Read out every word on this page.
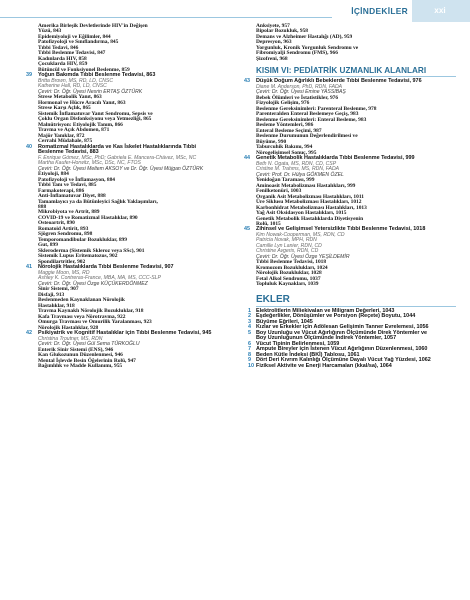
İÇİNDEKİLER	xxi
Amerika Birleşik Devletlerinde HIV'in Değişen
Yüzü, 843
Epidemiyoloji ve Eğilimler, 844
Patofizyoloji ve Sınıflandırma, 845
Tıbbi Tedavi, 846
Tıbbi Beslenme Tedavisi, 847
Kadınlarda HIV, 858
Çocuklarda HIV, 859
Bütüncül ve Fonksiyonel Beslenme, 859
39 Yoğun Bakımda Tıbbi Beslenme Tedavisi, 863
Britta Brown, MS, RD, LD, CNSC
Katherine Hall, RD, LD, CNSC
Çeviri: Dr. Öğr. Üyesi Nesrin ERTAŞ ÖZTÜRK
Strese Metabolik Yanıt, 863
Hormonal ve Hücre Aracılı Yanıt, 863
Strese Karşı Açlık, 865
Sistemik İnflamatuvar Yanıt Sendromu, Sepsis ve
Çoklu Organ Disfonksiyonu veya Yetmezliği, 865
Malnütrisyon: Etiyolojik Tanım, 866
Travma ve Açık Abdomen, 871
Majör Yanıklar, 872
Cerrahi Müdahale, 875
40 Romatizmal Hastalıklarda ve Kas İskelet Hastalıklarında Tıbbi
Beslenme Tedavisi, 883
F. Enrique Gómez, MSc, PhD; Gabriela E. Mancera-Chávez, MSc, NC
Martha Kaufer-Horwitz, MSc, DSc, NC, FTOS
Çeviri: Dr. Öğr. Üyesi Meltem AKSOY ve Dr. Öğr. Üyesi Müjgan ÖZTÜRK
Etiyoloji, 884
Patofizyoloji ve İnflamasyon, 884
Tıbbi Tanı ve Tedavi, 885
Farmakoterapi, 886
Anti-İnflamatuvar Diyet, 888
Tamamlayıcı ya da Bütünleyici Sağlık Yaklaşımları,
888
Mikrobiyota ve Artrit, 889
COVID-19 ve Romatizmal Hastalıklar, 890
Osteoartrit, 890
Romatoid Artirit, 893
Sjögren Sendromu, 898
Temporomandibular Bozukluklar, 899
Gut, 899
Skleroderma (Sistemik Skleroz veya SSc), 901
Sistemik Lupus Eritematozus, 902
Spondilartritler, 902
41 Nörolojik Hastalıklarda Tıbbi Beslenme Tedavisi, 907
Maggie Moon, MS, RD
Ashley K. Contreras-France, MBA, MA, MS, CCC-SLP
Çeviri: Dr. Öğr. Üyesi Özge KÜÇÜKERDÖNMEZ
Sinir Sistemi, 907
Disfaji, 913
Beslenmeden Kaynaklanan Nörolojik
Hastalıklar, 918
Travma Kaynaklı Nörolojik Bozukluklar, 918
Kafa Travması veya Nörotravma, 922
Omurga Travması ve Omurilik Yaralanması, 923
Nörolojik Hastalıklar, 928
42 Psikiyatrik ve Kognitif Hastalıklar için Tıbbi Beslenme Tedavisi, 945
Christina Troutner, MS, RDN
Çeviri: Dr. Öğr. Üyesi Gül Sema TÜRKOĞLU
Enterik Sinir Sistemi (ENS), 946
Kan Glukozunun Düzenlenmesi, 946
Mental İşlevde Besin Öğelerinin Rolü, 947
Bağımlılık ve Madde Kullanımı, 955
Anksiyete, 957
Bipolar Bozukluk, 958
Demans ve Alzheimer Hastalığı (AD), 959
Depresyon, 963
Yorgunluk, Kronik Yorgunluk Sendromu ve
Fibromiyalji Sendromu (FMS), 966
Şizofreni, 968
KISIM VI: PEDİATRİK UZMANLIK ALANLARI
43 Düşük Doğum Ağırlıklı Bebeklerde Tıbbi Beslenme Tedavisi, 976
Diane M. Anderson, PhD, RDN, FADA
Çeviri: Dr. Öğr. Üyesi Emine YASSIBAŞ
Bebek Ölümleri ve İstatistikler, 976
Fizyolojik Gelişim, 976
Beslenme Gereksinimleri: Parenteral Beslenme, 978
Parenteralden Enteral Beslemeye Geçiş, 983
Beslenme Gereksinimleri: Enteral Besleme, 983
Besleme Yöntemleri, 986
Enteral Besleme Seçimi, 987
Beslenme Durumunun Değerlendirilmesi ve
Büyüme, 990
Taburcuhik Bakımı, 994
Nörogelişimsel Sonuç, 995
44 Genetik Metabolik Hastalıklarda Tıbbi Beslenme Tedavisi, 999
Beth N. Ogata, MS, RDN, CD, CSP
Cristine M. Trahms, MS, RDN, FADA
Çeviri: Prof. Dr. Hülya GÖKMEN ÖZEL
Yenidoğan Taraması, 999
Aminoasit Metabolizması Hastalıkları, 999
Fenilketonüri, 1003
Organik Asit Metabolizması Hastalıkları, 1011
Üre Siklusu Metabolizması Hastalıkları, 1012
Karbonhidrat Metabolizması Hastalıkları, 1013
Yağ Asit Oksidasyon Hastalıkları, 1015
Genetik Metabolik Hastalıklarda Diyetisyenin
Rolü, 1015
45 Zihinsel ve Gelişimsel Yetersizlikte Tıbbi Beslenme Tedavisi, 1018
Kim Nowak-Cooperman, MS, RDN, CD
Patricia Novak, MPH, RDN
Camille Lyn Lanier, RDN, CD
Christine Avgeris, RDN, CD
Çeviri: Dr. Öğr. Üyesi Özge YEŞİLDEMİR
Tıbbi Beslenme Tedavisi, 1018
Kromozom Bozuklukları, 1024
Nörolojik Bozukluklar, 1028
Fetal Alkol Sendromu, 1037
Topluluk Kaynakları, 1039
EKLER
1 Elektrolitlerin Miliekivalan ve Miligram Değerleri, 1043
2 Eşdeğerlikler, Dönüşümler ve Porsiyon (Reçete) Boyutu, 1044
3 Büyüme Eğrileri, 1045
4 Kızlar ve Erkekler için Adölesan Gelişimin Tanner Evrelemesi, 1056
5 Boy Uzunluğu ve Vücut Ağırlığının Ölçümünde Direk Yöntemler ve
Boy Uzunluğunun Ölçümünde İndirek Yöntemler, 1057
6 Vücut Tipinin Belirlenmesi, 1059
7 Ampute Bireyler için İstenen Vücut Ağırlığının Düzenlenmesi, 1060
8 Beden Kütle İndeksi (BKİ) Tablosu, 1061
9 Dört Deri Kıvrım Kalınlığı Ölçümüne Dayalı Vücut Yağ Yüzdesi, 1062
10 Fiziksel Aktivite ve Enerji Harcamaları (kkal/sa), 1064
